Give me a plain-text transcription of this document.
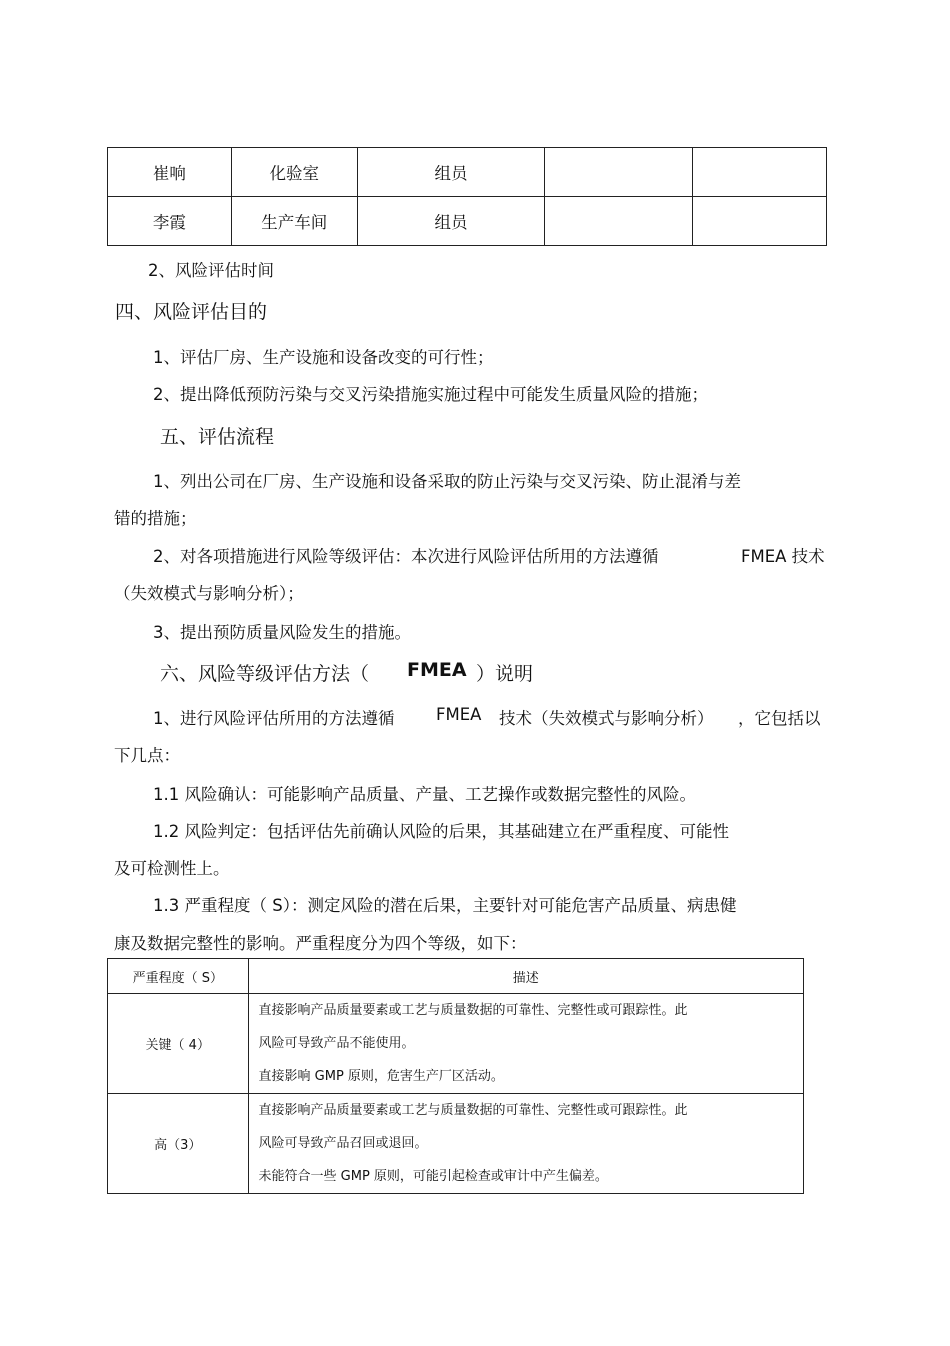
崔响	化验室	组员		
李霞	生产车间	组员		
2、风险评估时间
四、风险评估目的
1、评估厂房、生产设施和设备改变的可行性；
2、提出降低预防污染与交叉污染措施实施过程中可能发生质量风险的措施；
五、评估流程
1、列出公司在厂房、生产设施和设备采取的防止污染与交叉污染、防止混淆与差
错的措施；
2、对各项措施进行风险等级评估：本次进行风险评估所用的方法遵循	FMEA 技术
（失效模式与影响分析）；
3、提出预防质量风险发生的措施。
六、风险等级评估方法（ FMEA ）说明
1、进行风险评估所用的方法遵循	FMEA 技术（失效模式与影响分析） ，它包括以
下几点：
1.1 风险确认：可能影响产品质量、产量、工艺操作或数据完整性的风险。
1.2 风险判定：包括评估先前确认风险的后果，其基础建立在严重程度、可能性
及可检测性上。
1.3 严重程度（ S）：测定风险的潜在后果，主要针对可能危害产品质量、病患健
康及数据完整性的影响。严重程度分为四个等级，如下：
严重程度（ S）	描述
关键（ 4）	直接影响产品质量要素或工艺与质量数据的可靠性、完整性或可跟踪性。此
风险可导致产品不能使用。
直接影响 GMP 原则，危害生产厂区活动。

高（3）	直接影响产品质量要素或工艺与质量数据的可靠性、完整性或可跟踪性。此
风险可导致产品召回或退回。
未能符合一些 GMP 原则，可能引起检查或审计中产生偏差。
